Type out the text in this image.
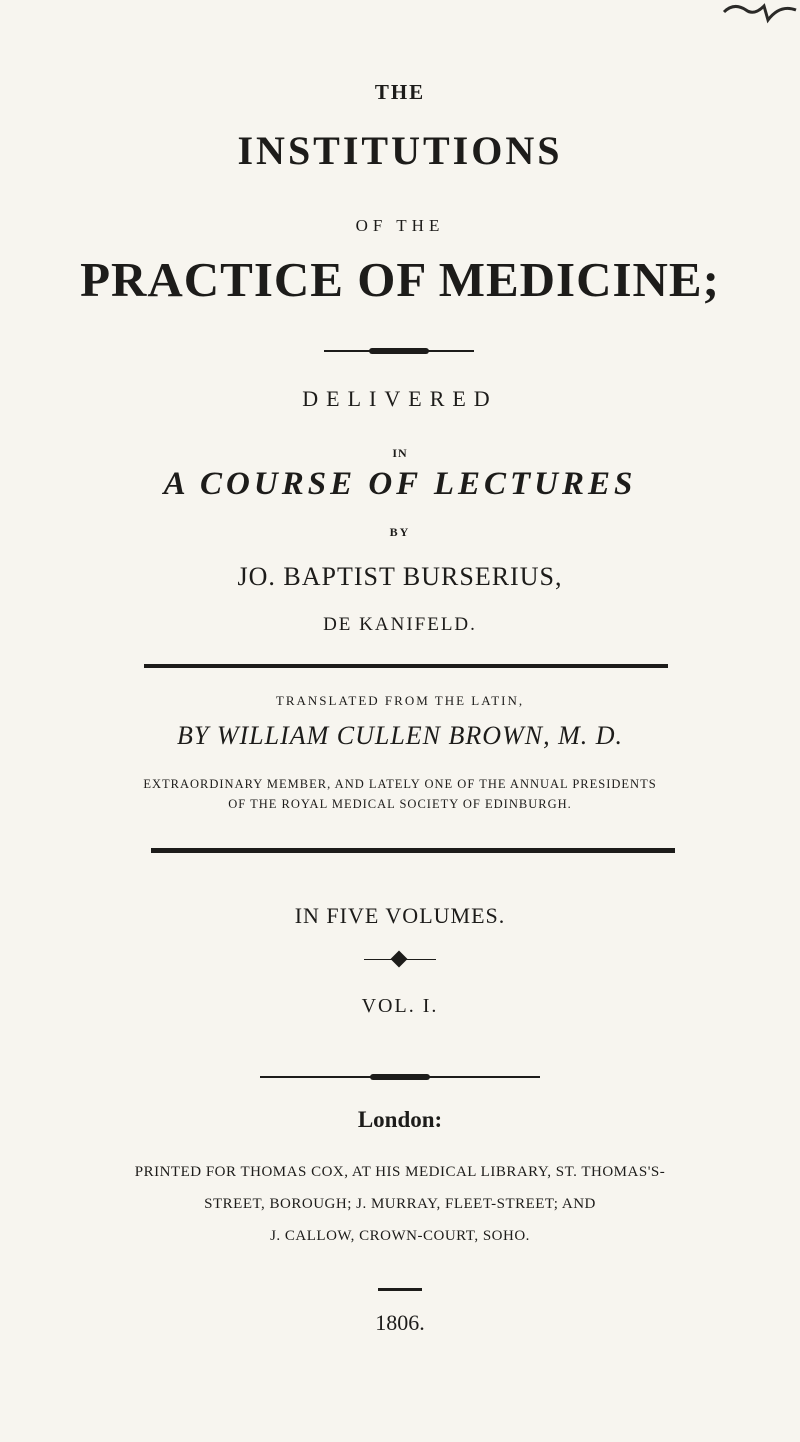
THE
INSTITUTIONS
OF THE
PRACTICE OF MEDICINE;
DELIVERED
IN
A COURSE OF LECTURES
BY
JO. BAPTIST BURSERIUS,
DE KANIFELD.
TRANSLATED FROM THE LATIN,
BY WILLIAM CULLEN BROWN, M. D.
EXTRAORDINARY MEMBER, AND LATELY ONE OF THE ANNUAL PRESIDENTS
OF THE ROYAL MEDICAL SOCIETY OF EDINBURGH.
IN FIVE VOLUMES.
VOL. I.
London:
PRINTED FOR THOMAS COX, AT HIS MEDICAL LIBRARY, ST. THOMAS'S-
STREET, BOROUGH; J. MURRAY, FLEET-STREET; AND
J. CALLOW, CROWN-COURT, SOHO.
1806.
